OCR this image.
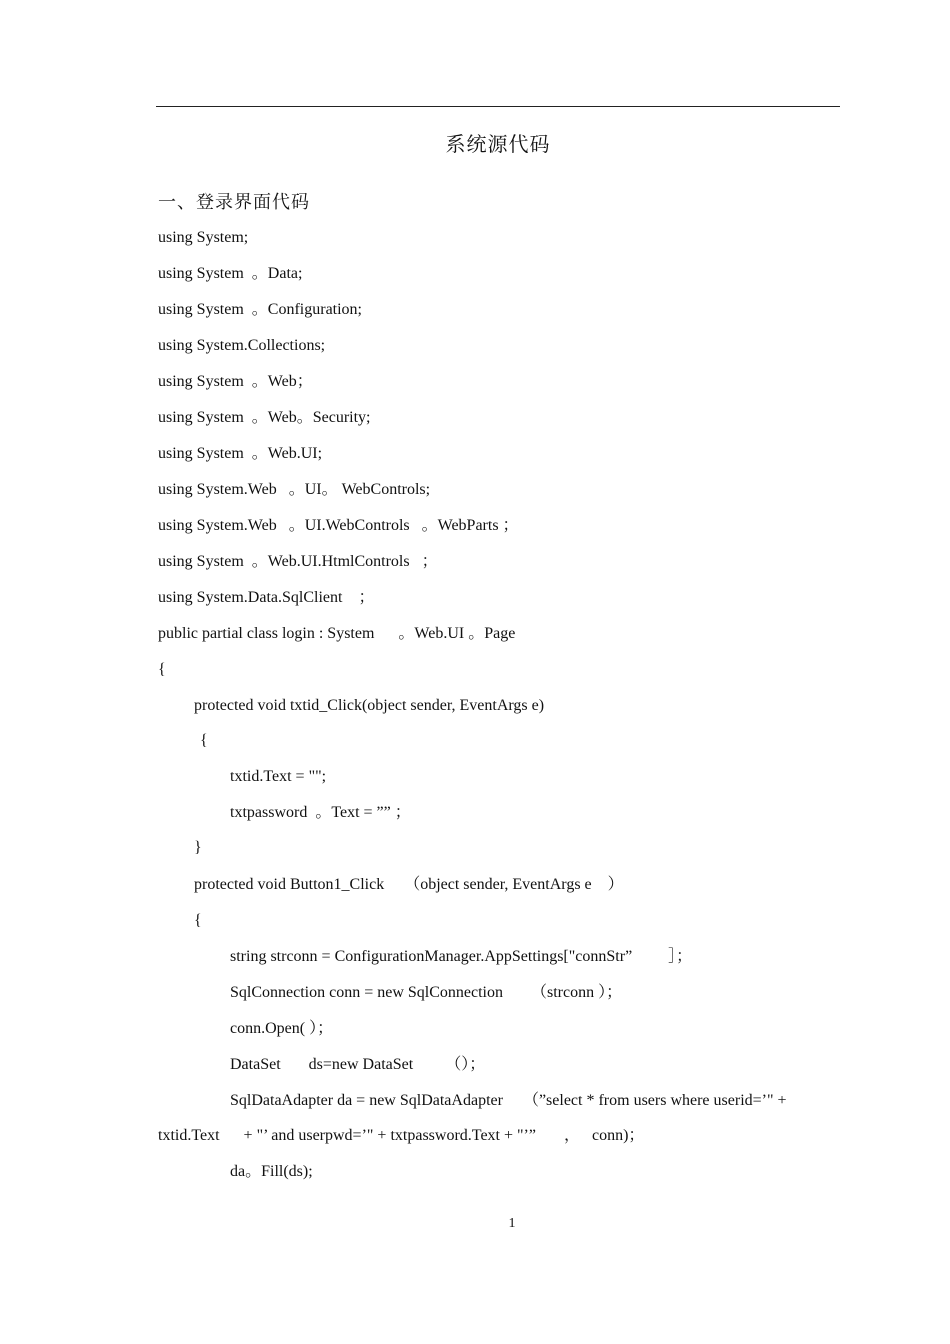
系统源代码
一、登录界面代码
using System;
using System  。Data;
using System  。Configuration;
using System.Collections;
using System  。Web；
using System  。Web。Security;
using System  。Web.UI;
using System.Web   。UI。 WebControls;
using System.Web   。UI.WebControls   。WebParts ；
using System  。Web.UI.HtmlControls   ；
using System.Data.SqlClient    ；
public partial class login : System      。Web.UI 。Page
{
protected void txtid_Click(object sender, EventArgs e)
{
txtid.Text = "";
txtpassword  。Text = ”” ；
}
protected void Button1_Click     （object sender, EventArgs e    ）
{
string strconn = ConfigurationManager.AppSettings["connStr”         ］；
SqlConnection conn = new SqlConnection       （strconn ）；
conn.Open( ）；
DataSet       ds=new DataSet        （）；
SqlDataAdapter da = new SqlDataAdapter     （”select * from users where userid=’" +
txtid.Text      + "’ and userpwd=’" + txtpassword.Text + "’”       ，   conn)；
da。Fill(ds);
1
